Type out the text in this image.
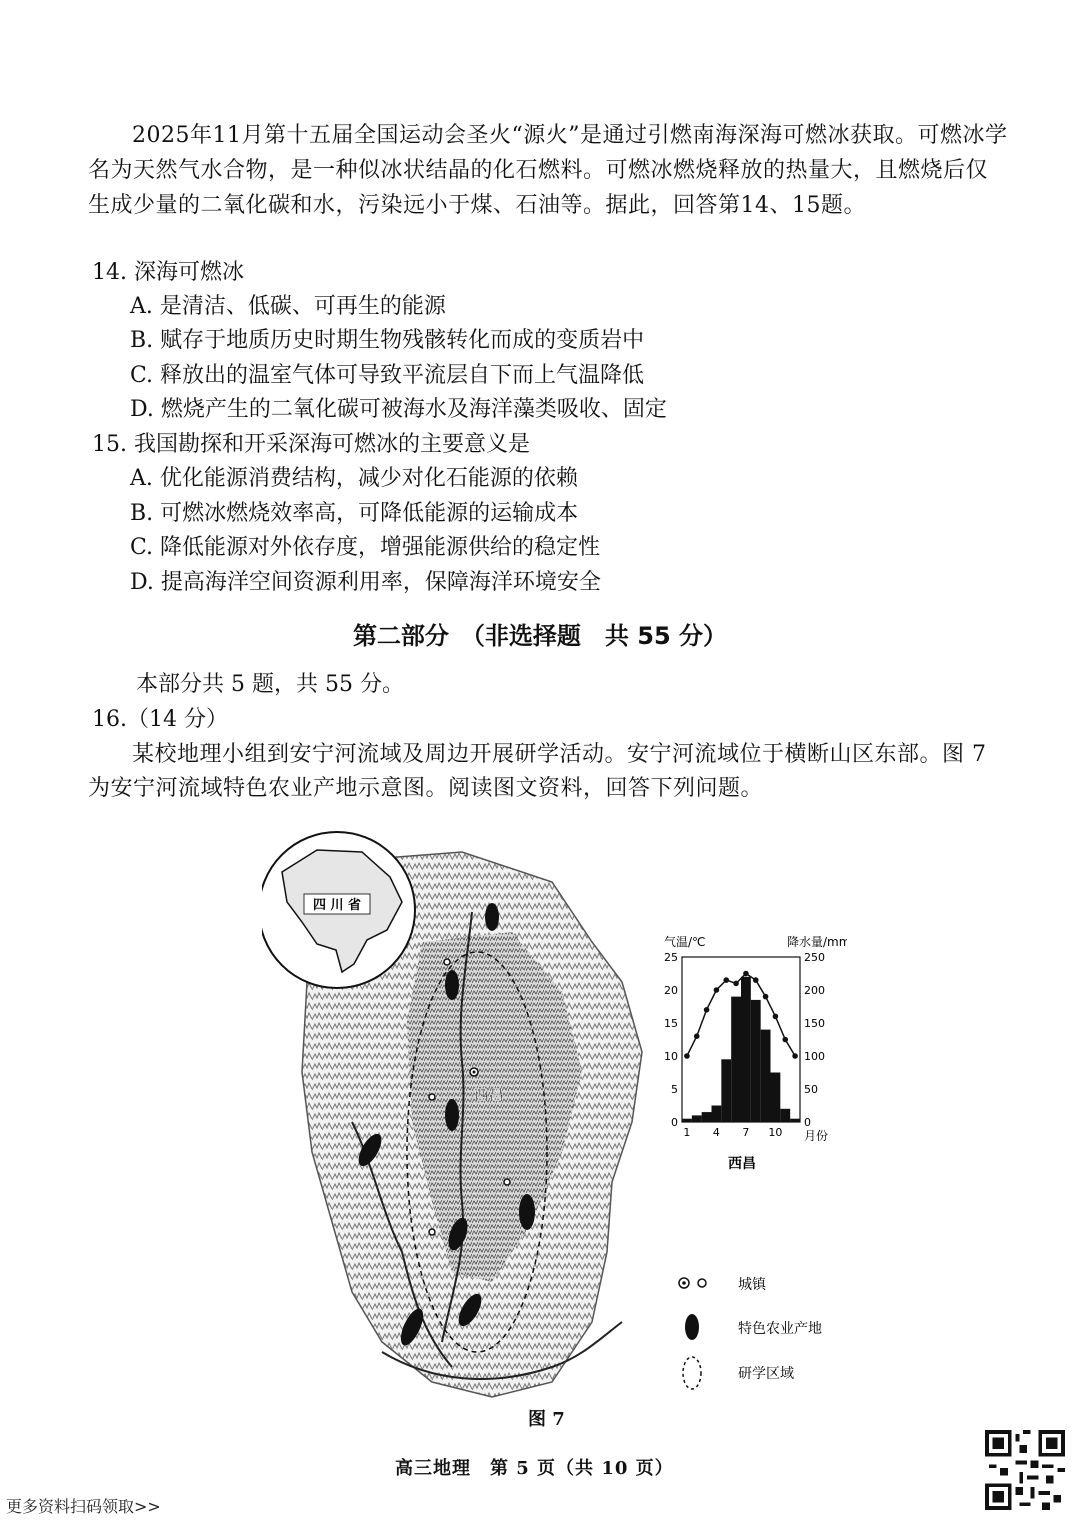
2025年11月第十五届全国运动会圣火“源火”是通过引燃南海深海可燃冰获取。可燃冰学名为天然气水合物，是一种似冰状结晶的化石燃料。可燃冰燃烧释放的热量大，且燃烧后仅生成少量的二氧化碳和水，污染远小于煤、石油等。据此，回答第14、15题。

14. 深海可燃冰
A. 是清洁、低碳、可再生的能源
B. 赋存于地质历史时期生物残骸转化而成的变质岩中
C. 释放出的温室气体可导致平流层自下而上气温降低
D. 燃烧产生的二氧化碳可被海水及海洋藻类吸收、固定
15. 我国勘探和开采深海可燃冰的主要意义是
A. 优化能源消费结构，减少对化石能源的依赖
B. 可燃冰燃烧效率高，可降低能源的运输成本
C. 降低能源对外依存度，增强能源供给的稳定性
D. 提高海洋空间资源利用率，保障海洋环境安全
第二部分　（非选择题　共 55 分）
本部分共 5 题，共 55 分。
16.（14 分）

某校地理小组到安宁河流域及周边开展研学活动。安宁河流域位于横断山区东部。图 7 为安宁河流域特色农业产地示意图。阅读图文资料，回答下列问题。

四 川 省
西昌
气温/℃	降水量/mm
0
5
10
15
20
25
0
50
100
150
200
250
1 4 7 10 月份
西昌
城镇
特色农业产地
研学区域
图 7
高三地理　第 5 页（共 10 页）
更多资料扫码领取>>
